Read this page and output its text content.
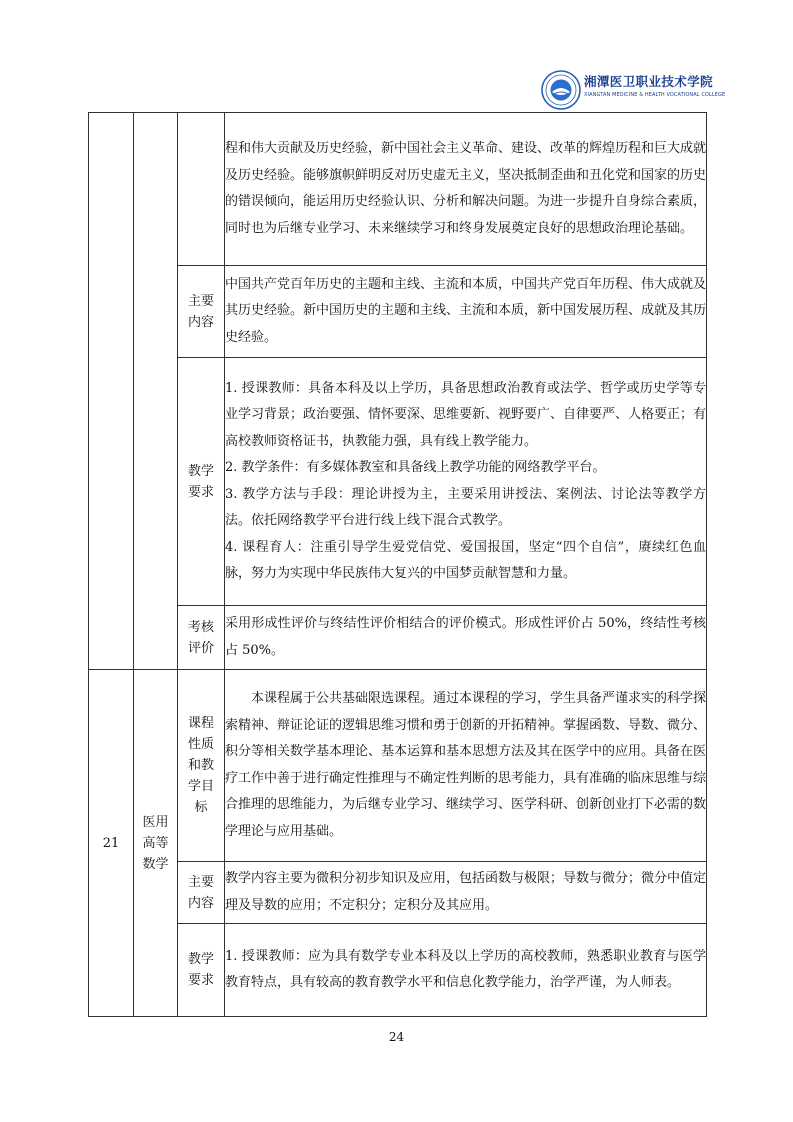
湘潭医卫职业技术学院
XIANGTAN MEDICINE & HEALTH VOCATIONAL COLLEGE

			程和伟大贡献及历史经验，新中国社会主义革命、建设、改革的辉煌历程和巨大成就及历史经验。能够旗帜鲜明反对历史虚无主义，坚决抵制歪曲和丑化党和国家的历史的错误倾向，能运用历史经验认识、分析和解决问题。为进一步提升自身综合素质，同时也为后继专业学习、未来继续学习和终身发展奠定良好的思想政治理论基础。

		主要内容	中国共产党百年历史的主题和主线、主流和本质，中国共产党百年历程、伟大成就及其历史经验。新中国历史的主题和主线、主流和本质，新中国发展历程、成就及其历史经验。

		教学要求	1. 授课教师：具备本科及以上学历，具备思想政治教育或法学、哲学或历史学等专业学习背景；政治要强、情怀要深、思维要新、视野要广、自律要严、人格要正；有高校教师资格证书，执教能力强，具有线上教学能力。
2. 教学条件：有多媒体教室和具备线上教学功能的网络教学平台。
3. 教学方法与手段：理论讲授为主，主要采用讲授法、案例法、讨论法等教学方法。依托网络教学平台进行线上线下混合式教学。
4. 课程育人：注重引导学生爱党信党、爱国报国，坚定“四个自信”，赓续红色血脉，努力为实现中华民族伟大复兴的中国梦贡献智慧和力量。

		考核评价	采用形成性评价与终结性评价相结合的评价模式。形成性评价占 50%，终结性考核占 50%。

21	医用高等数学	课程性质和教学目标	本课程属于公共基础限选课程。通过本课程的学习，学生具备严谨求实的科学探索精神、辩证论证的逻辑思维习惯和勇于创新的开拓精神。掌握函数、导数、微分、积分等相关数学基本理论、基本运算和基本思想方法及其在医学中的应用。具备在医疗工作中善于进行确定性推理与不确定性判断的思考能力，具有准确的临床思维与综合推理的思维能力，为后继专业学习、继续学习、医学科研、创新创业打下必需的数学理论与应用基础。

		主要内容	教学内容主要为微积分初步知识及应用，包括函数与极限；导数与微分；微分中值定理及导数的应用；不定积分；定积分及其应用。

		教学要求	1. 授课教师：应为具有数学专业本科及以上学历的高校教师，熟悉职业教育与医学教育特点，具有较高的教育教学水平和信息化教学能力，治学严谨，为人师表。
24
